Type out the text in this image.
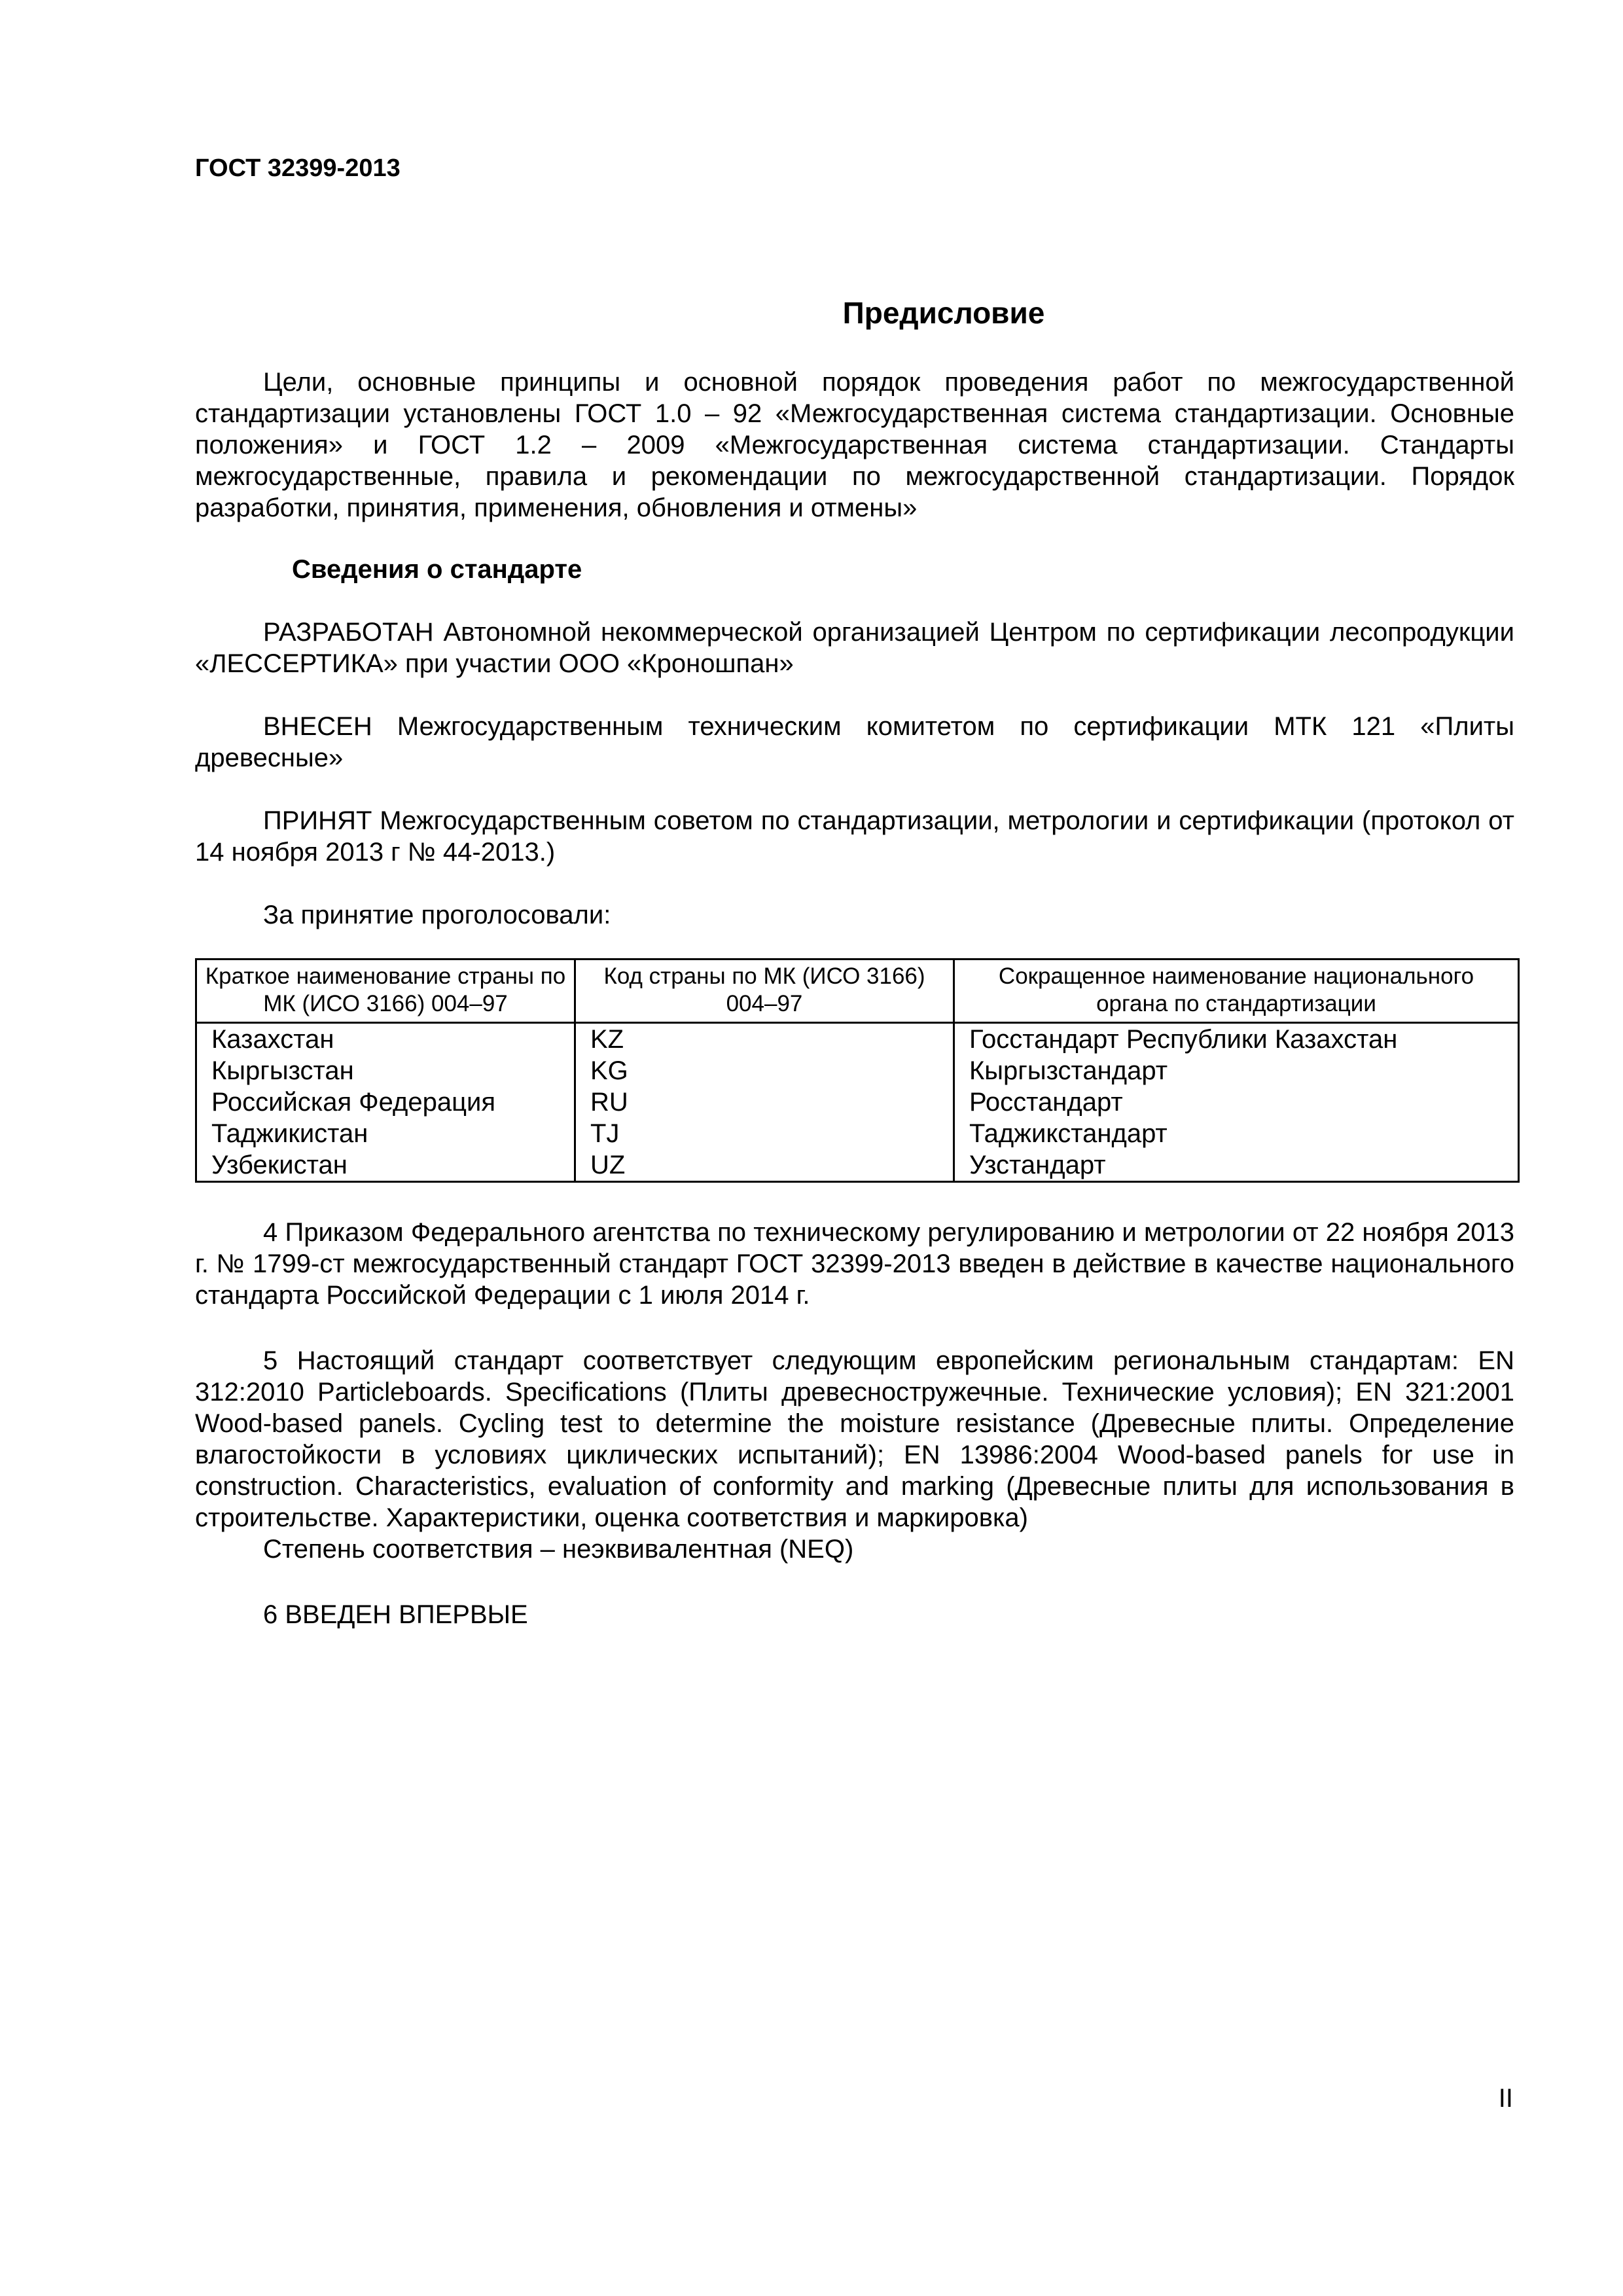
ГОСТ 32399-2013
Предисловие

Цели, основные принципы и основной порядок проведения работ по межгосударственной стандартизации установлены ГОСТ 1.0 – 92 «Межгосударственная система стандартизации. Основные положения» и ГОСТ 1.2 – 2009 «Межгосударственная система стандартизации. Стандарты межгосударственные, правила и рекомендации по межгосударственной стандартизации. Порядок разработки, принятия, применения, обновления и отмены»

Сведения о стандарте

РАЗРАБОТАН Автономной некоммерческой организацией Центром по сертификации лесопродукции «ЛЕССЕРТИКА» при участии ООО «Кроношпан»

ВНЕСЕН Межгосударственным техническим комитетом по сертификации МТК 121 «Плиты древесные»

ПРИНЯТ Межгосударственным советом по стандартизации, метрологии и сертификации (протокол от 14 ноября 2013 г № 44-2013.)

За принятие проголосовали:

Краткое наименование страны по МК (ИСО 3166) 004–97	Код страны по МК (ИСО 3166) 004–97	Сокращенное наименование национального органа по стандартизации
Казахстан	KZ	Госстандарт Республики Казахстан
Кыргызстан	KG	Кыргызстандарт
Российская Федерация	RU	Росстандарт
Таджикистан	TJ	Таджикстандарт
Узбекистан	UZ	Узстандарт

4 Приказом Федерального агентства по техническому регулированию и метрологии от 22 ноября 2013 г. № 1799-ст межгосударственный стандарт ГОСТ 32399-2013 введен в действие в качестве национального стандарта Российской Федерации с 1 июля 2014 г.

5 Настоящий стандарт соответствует следующим европейским региональным стандартам: EN 312:2010 Particleboards. Specifications (Плиты древесностружечные. Технические условия); EN 321:2001 Wood-based panels. Cycling test to determine the moisture resistance (Древесные плиты. Определение влагостойкости в условиях циклических испытаний); EN 13986:2004 Wood-based panels for use in construction. Characteristics, evaluation of conformity and marking (Древесные плиты для использования в строительстве. Характеристики, оценка соответствия и маркировка)

Степень соответствия – неэквивалентная (NEQ)

6 ВВЕДЕН ВПЕРВЫЕ

II
